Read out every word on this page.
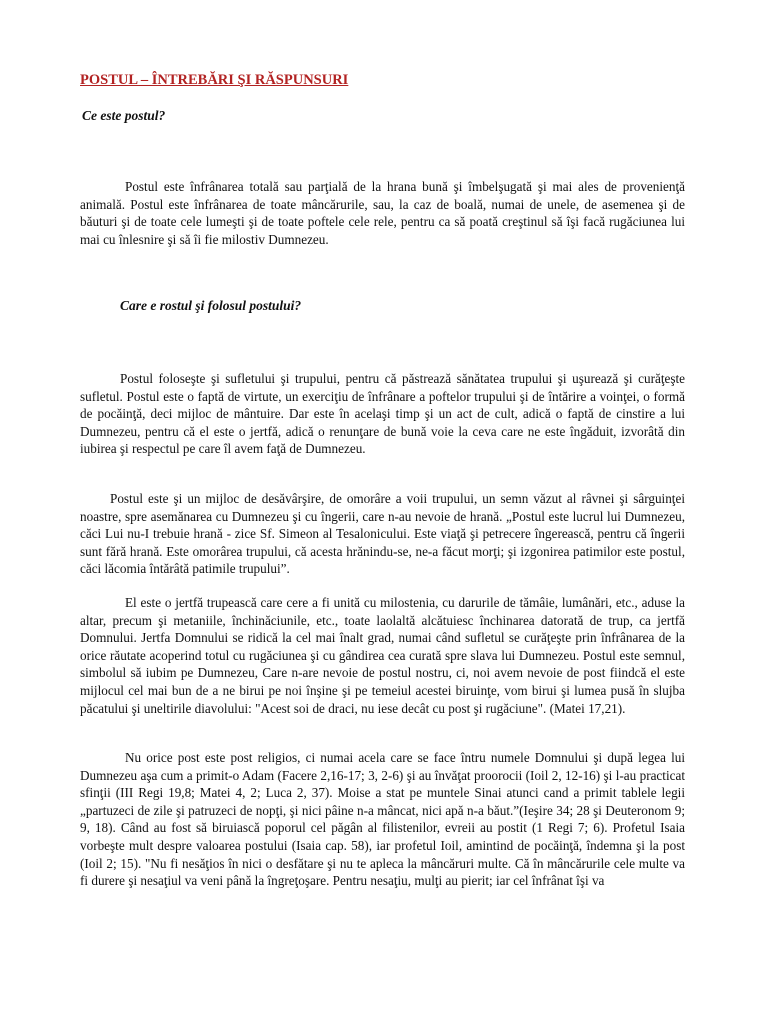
POSTUL – ÎNTREBĂRI ŞI RĂSPUNSURI

Ce este postul?

Postul este înfrânarea totală sau parţială de la hrana bună şi îmbelşugată şi mai ales de provenienţă animală. Postul este înfrânarea de toate mâncărurile, sau, la caz de boală, numai de unele, de asemenea şi de băuturi şi de toate cele lumeşti şi de toate poftele cele rele, pentru ca să poată creştinul să îşi facă rugăciunea lui mai cu înlesnire şi să îi fie milostiv Dumnezeu.

Care e rostul şi folosul postului?

Postul foloseşte şi sufletului şi trupului, pentru că păstrează sănătatea trupului şi uşurează şi curăţeşte sufletul. Postul este o faptă de virtute, un exerciţiu de înfrânare a poftelor trupului şi de întărire a voinţei, o formă de pocăinţă, deci mijloc de mântuire. Dar este în acelaşi timp şi un act de cult, adică o faptă de cinstire a lui Dumnezeu, pentru că el este o jertfă, adică o renunţare de bună voie la ceva care ne este îngăduit, izvorâtă din iubirea şi respectul pe care îl avem faţă de Dumnezeu.

Postul este şi un mijloc de desăvârşire, de omorâre a voii trupului, un semn văzut al râvnei şi sârguinţei noastre, spre asemănarea cu Dumnezeu şi cu îngerii, care n-au nevoie de hrană. „Postul este lucrul lui Dumnezeu, căci Lui nu-I trebuie hrană - zice Sf. Simeon al Tesalonicului. Este viaţă şi petrecere îngerească, pentru că îngerii sunt fără hrană. Este omorârea trupului, că acesta hrănindu-se, ne-a făcut morţi; şi izgonirea patimilor este postul, căci lăcomia întărâtă patimile trupului”.

El este o jertfă trupească care cere a fi unită cu milostenia, cu darurile de tămâie, lumânări, etc., aduse la altar, precum şi metaniile, închinăciunile, etc., toate laolaltă alcătuiesc închinarea datorată de trup, ca jertfă Domnului. Jertfa Domnului se ridică la cel mai înalt grad, numai când sufletul se curăţeşte prin înfrânarea de la orice răutate acoperind totul cu rugăciunea şi cu gândirea cea curată spre slava lui Dumnezeu. Postul este semnul, simbolul să iubim pe Dumnezeu, Care n-are nevoie de postul nostru, ci, noi avem nevoie de post fiindcă el este mijlocul cel mai bun de a ne birui pe noi înşine şi pe temeiul acestei biruinţe, vom birui şi lumea pusă în slujba păcatului şi uneltirile diavolului: "Acest soi de draci, nu iese decât cu post şi rugăciune". (Matei 17,21).

Nu orice post este post religios, ci numai acela care se face întru numele Domnului şi după legea lui Dumnezeu aşa cum a primit-o Adam (Facere 2,16-17; 3, 2-6) şi au învăţat proorocii (Ioil 2, 12-16) şi l-au practicat sfinţii (III Regi 19,8; Matei 4, 2; Luca 2, 37). Moise a stat pe muntele Sinai atunci cand a primit tablele legii „partuzeci de zile şi patruzeci de nopţi, şi nici pâine n-a mâncat, nici apă n-a băut.”(Ieşire 34; 28 şi Deuteronom 9; 9, 18). Când au fost să biruiască poporul cel păgân al filistenilor, evreii au postit (1 Regi 7; 6). Profetul Isaia vorbeşte mult despre valoarea postului (Isaia cap. 58), iar profetul Ioil, amintind de pocăinţă, îndemna şi la post (Ioil 2; 15). "Nu fi nesăţios în nici o desfătare şi nu te apleca la mâncăruri multe. Că în mâncărurile cele multe va fi durere şi nesaţiul va veni până la îngreţoşare. Pentru nesaţiu, mulţi au pierit; iar cel înfrânat îşi va
